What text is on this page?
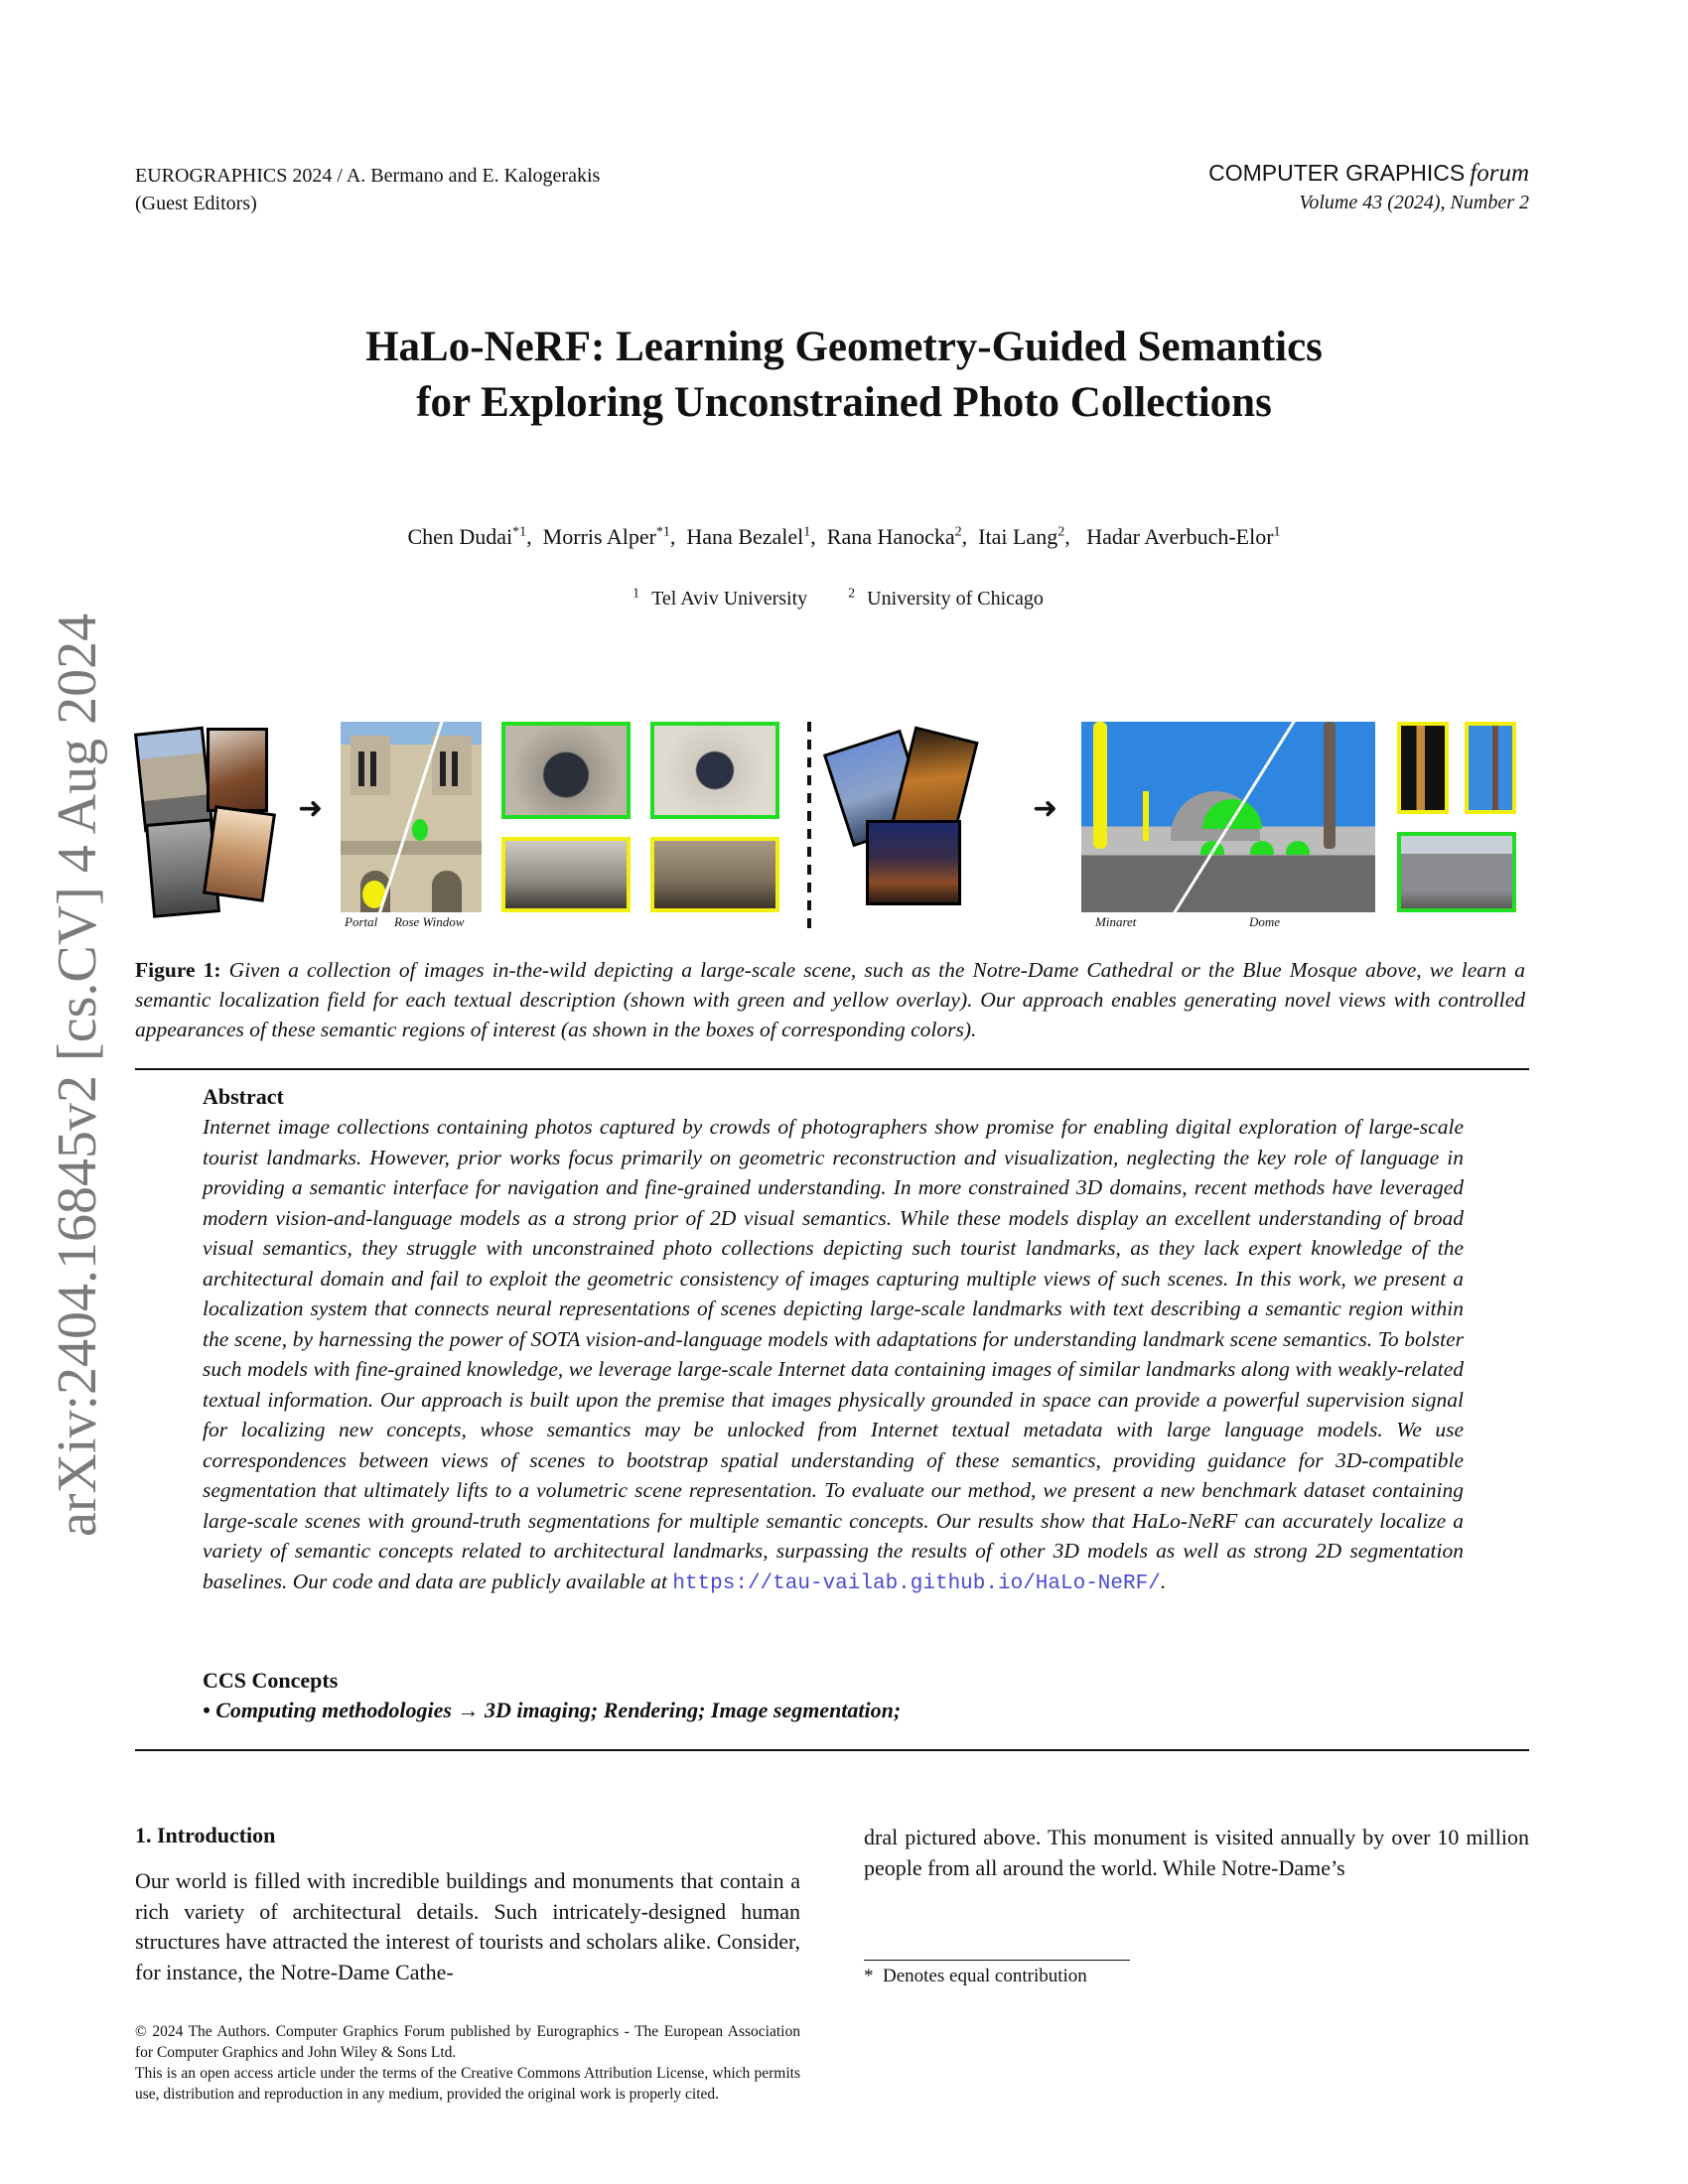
EUROGRAPHICS 2024 / A. Bermano and E. Kalogerakis
(Guest Editors)
COMPUTER GRAPHICS forum
Volume 43 (2024), Number 2
arXiv:2404.16845v2 [cs.CV] 4 Aug 2024
HaLo-NeRF: Learning Geometry-Guided Semantics
for Exploring Unconstrained Photo Collections
Chen Dudai$^{*1}$,  Morris Alper$^{*1}$,  Hana Bezalel$^1$,  Rana Hanocka$^2$,  Itai Lang$^2$,   Hadar Averbuch-Elor$^1$
$^1$ Tel Aviv University	$^2$ University of Chicago
➜
Portal Rose Window
➜
Minaret	Dome
Figure 1: Given a collection of images in-the-wild depicting a large-scale scene, such as the Notre-Dame Cathedral or the Blue Mosque above, we learn a semantic localization field for each textual description (shown with green and yellow overlay). Our approach enables generating novel views with controlled appearances of these semantic regions of interest (as shown in the boxes of corresponding colors).
Abstract

Internet image collections containing photos captured by crowds of photographers show promise for enabling digital exploration of large-scale tourist landmarks. However, prior works focus primarily on geometric reconstruction and visualization, neglecting the key role of language in providing a semantic interface for navigation and fine-grained understanding. In more constrained 3D domains, recent methods have leveraged modern vision-and-language models as a strong prior of 2D visual semantics. While these models display an excellent understanding of broad visual semantics, they struggle with unconstrained photo collections depicting such tourist landmarks, as they lack expert knowledge of the architectural domain and fail to exploit the geometric consistency of images capturing multiple views of such scenes. In this work, we present a localization system that connects neural representations of scenes depicting large-scale landmarks with text describing a semantic region within the scene, by harnessing the power of SOTA vision-and-language models with adaptations for understanding landmark scene semantics. To bolster such models with fine-grained knowledge, we leverage large-scale Internet data containing images of similar landmarks along with weakly-related textual information. Our approach is built upon the premise that images physically grounded in space can provide a powerful supervision signal for localizing new concepts, whose semantics may be unlocked from Internet textual metadata with large language models. We use correspondences between views of scenes to bootstrap spatial understanding of these semantics, providing guidance for 3D-compatible segmentation that ultimately lifts to a volumetric scene representation. To evaluate our method, we present a new benchmark dataset containing large-scale scenes with ground-truth segmentations for multiple semantic concepts. Our results show that HaLo-NeRF can accurately localize a variety of semantic concepts related to architectural landmarks, surpassing the results of other 3D models as well as strong 2D segmentation baselines. Our code and data are publicly available at https://tau-vailab.github.io/HaLo-NeRF/.

CCS Concepts
• Computing methodologies → 3D imaging; Rendering; Image segmentation;
1. Introduction
Our world is filled with incredible buildings and monuments that contain a rich variety of architectural details. Such intricately-designed human structures have attracted the interest of tourists and scholars alike. Consider, for instance, the Notre-Dame Cathe-
dral pictured above. This monument is visited annually by over 10 million people from all around the world. While Notre-Dame’s
* Denotes equal contribution
© 2024 The Authors. Computer Graphics Forum published by Eurographics - The European Association for Computer Graphics and John Wiley & Sons Ltd.
This is an open access article under the terms of the Creative Commons Attribution License, which permits use, distribution and reproduction in any medium, provided the original work is properly cited.
